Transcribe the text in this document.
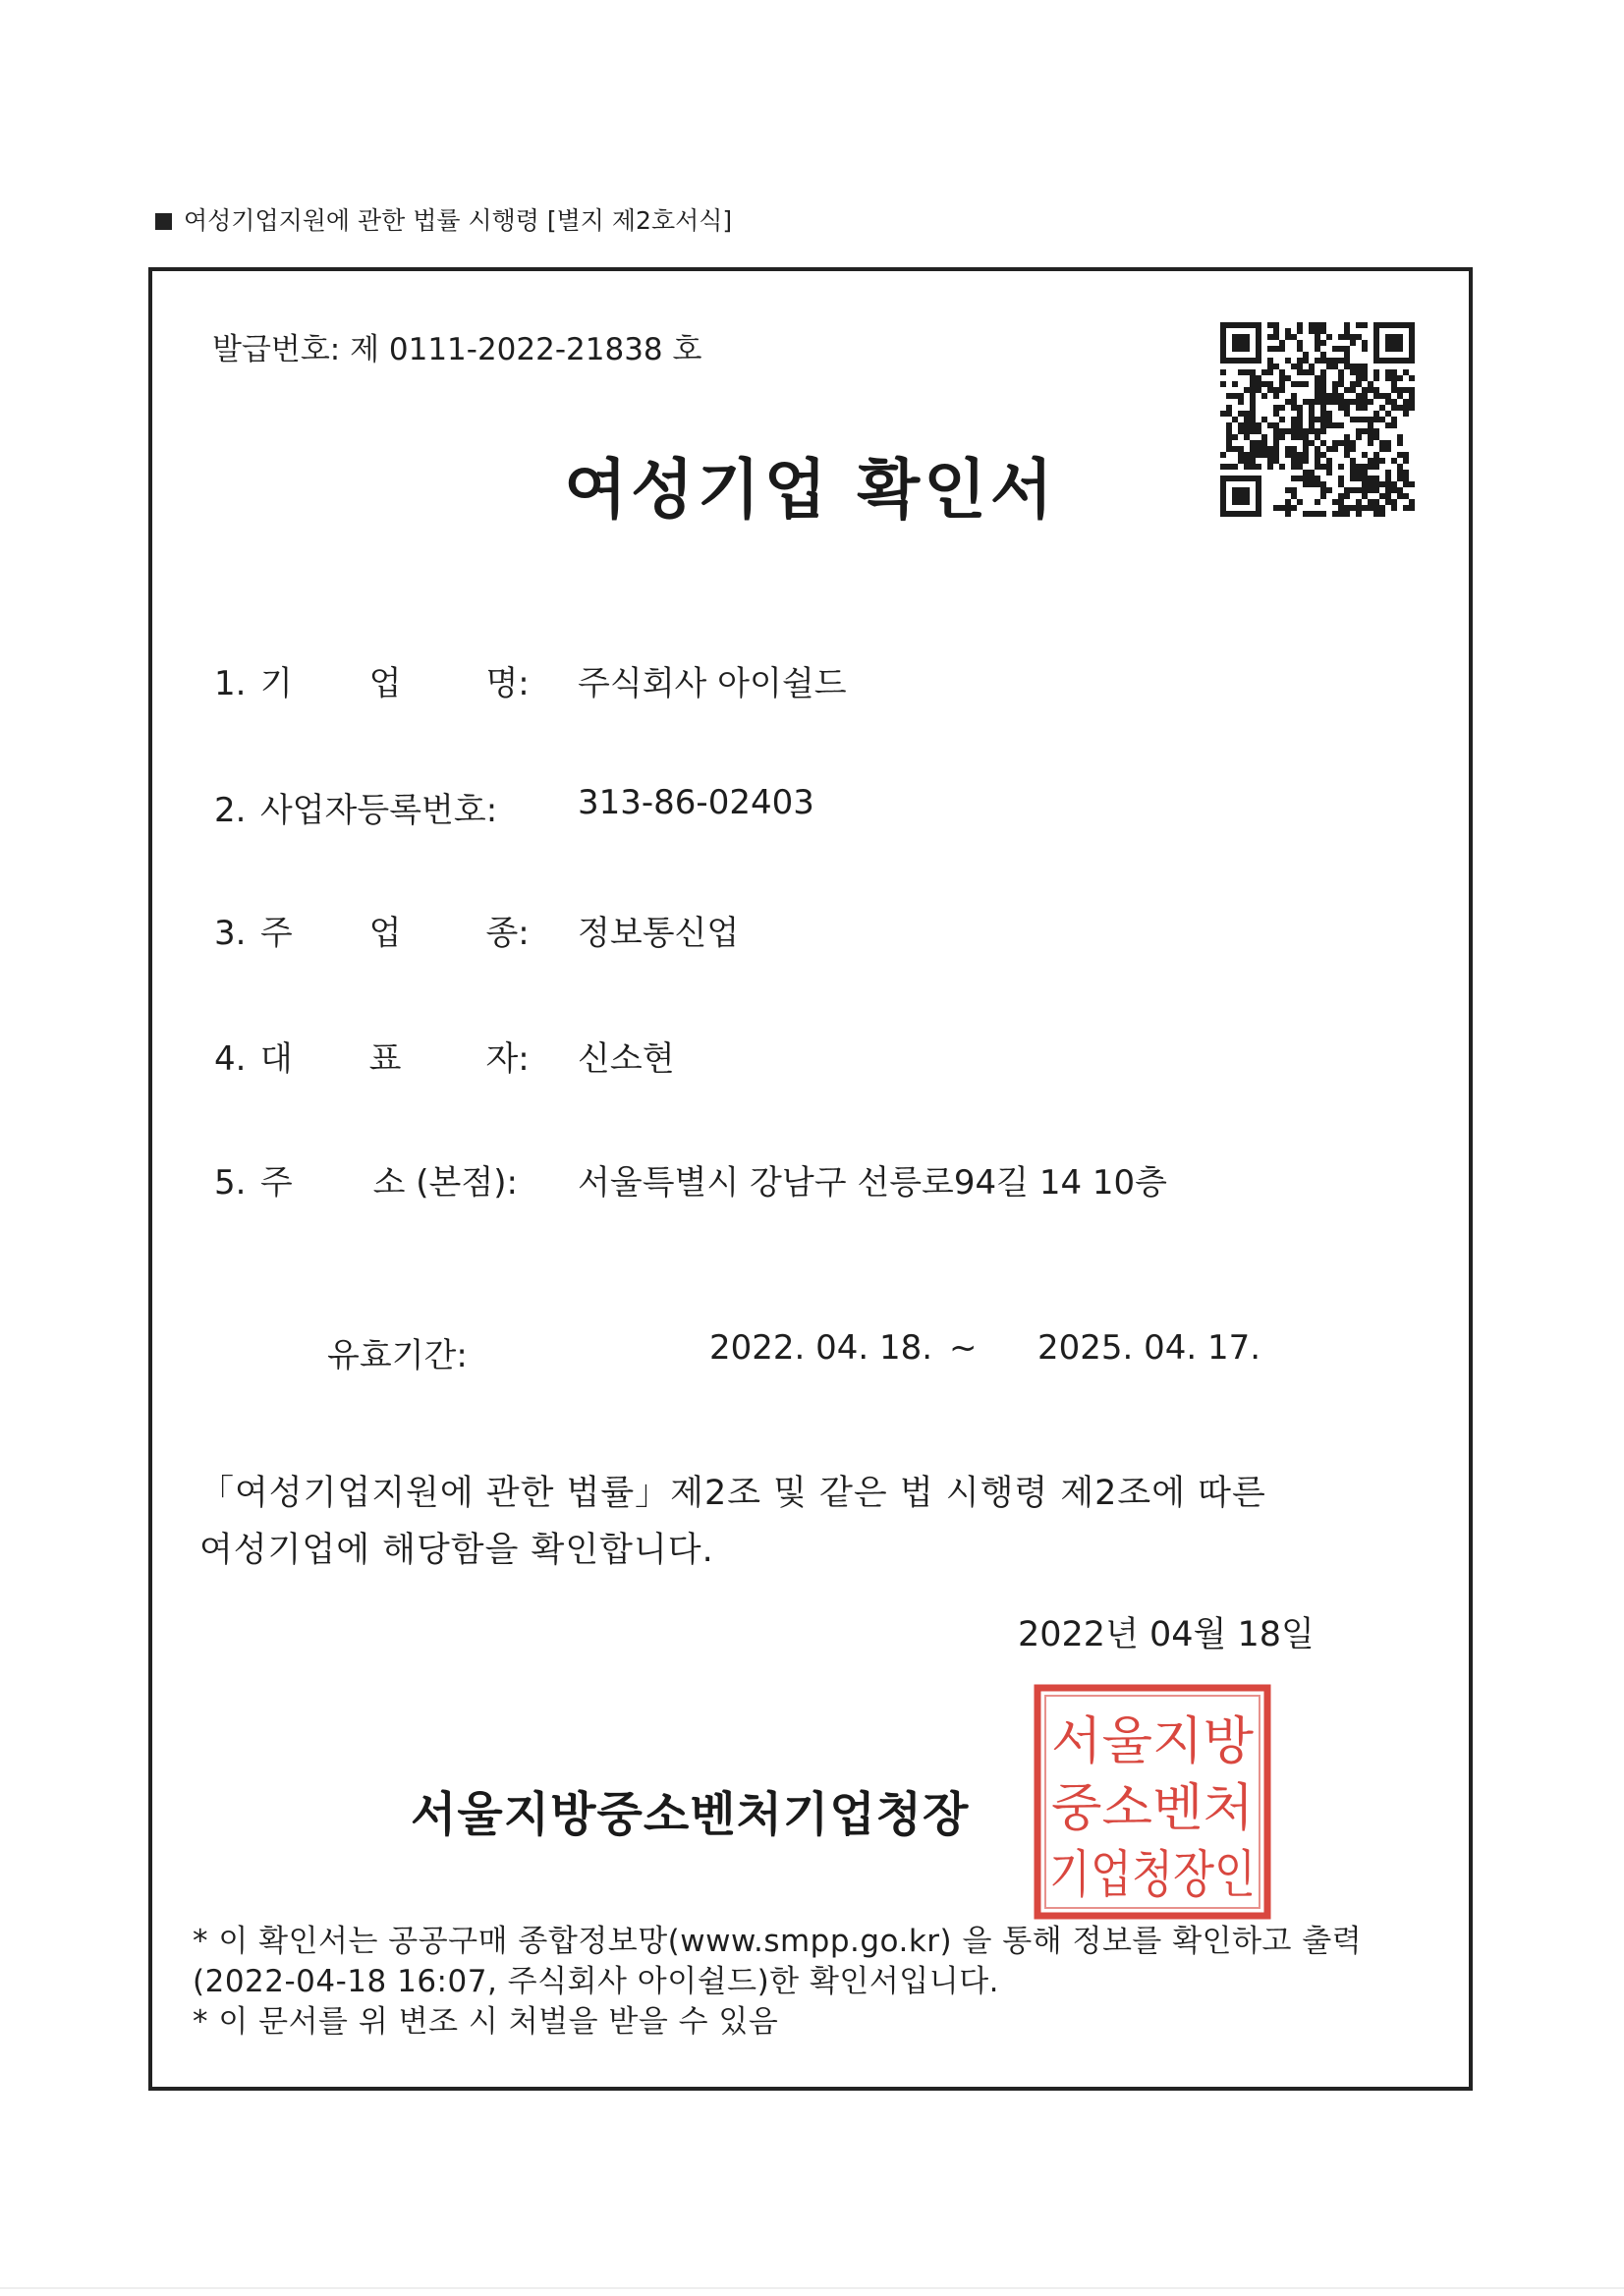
여성기업지원에 관한 법률 시행령 [별지 제2호서식]
발급번호: 제 0111-2022-21838 호
여성기업 확인서
1. 기 업	명: 주식회사 아이쉴드
2. 사업자등록번호: 313-86-02403
3. 주 업	종: 정보통신업
4. 대 표	자: 신소현
5. 주 소 (본점): 서울특별시 강남구 선릉로94길 14 10층
유효기간:	2022. 04. 18. ~ 2025. 04. 17.
「여성기업지원에 관한 법률」제2조 및 같은 법 시행령 제2조에 따른
여성기업에 해당함을 확인합니다.
2022년 04월 18일
서울지방중소벤처기업청장
서울지방
중소벤처
기업청장인
* 이 확인서는 공공구매 종합정보망(www.smpp.go.kr) 을 통해 정보를 확인하고 출력
(2022-04-18 16:07, 주식회사 아이쉴드)한 확인서입니다.
* 이 문서를 위 변조 시 처벌을 받을 수 있음
